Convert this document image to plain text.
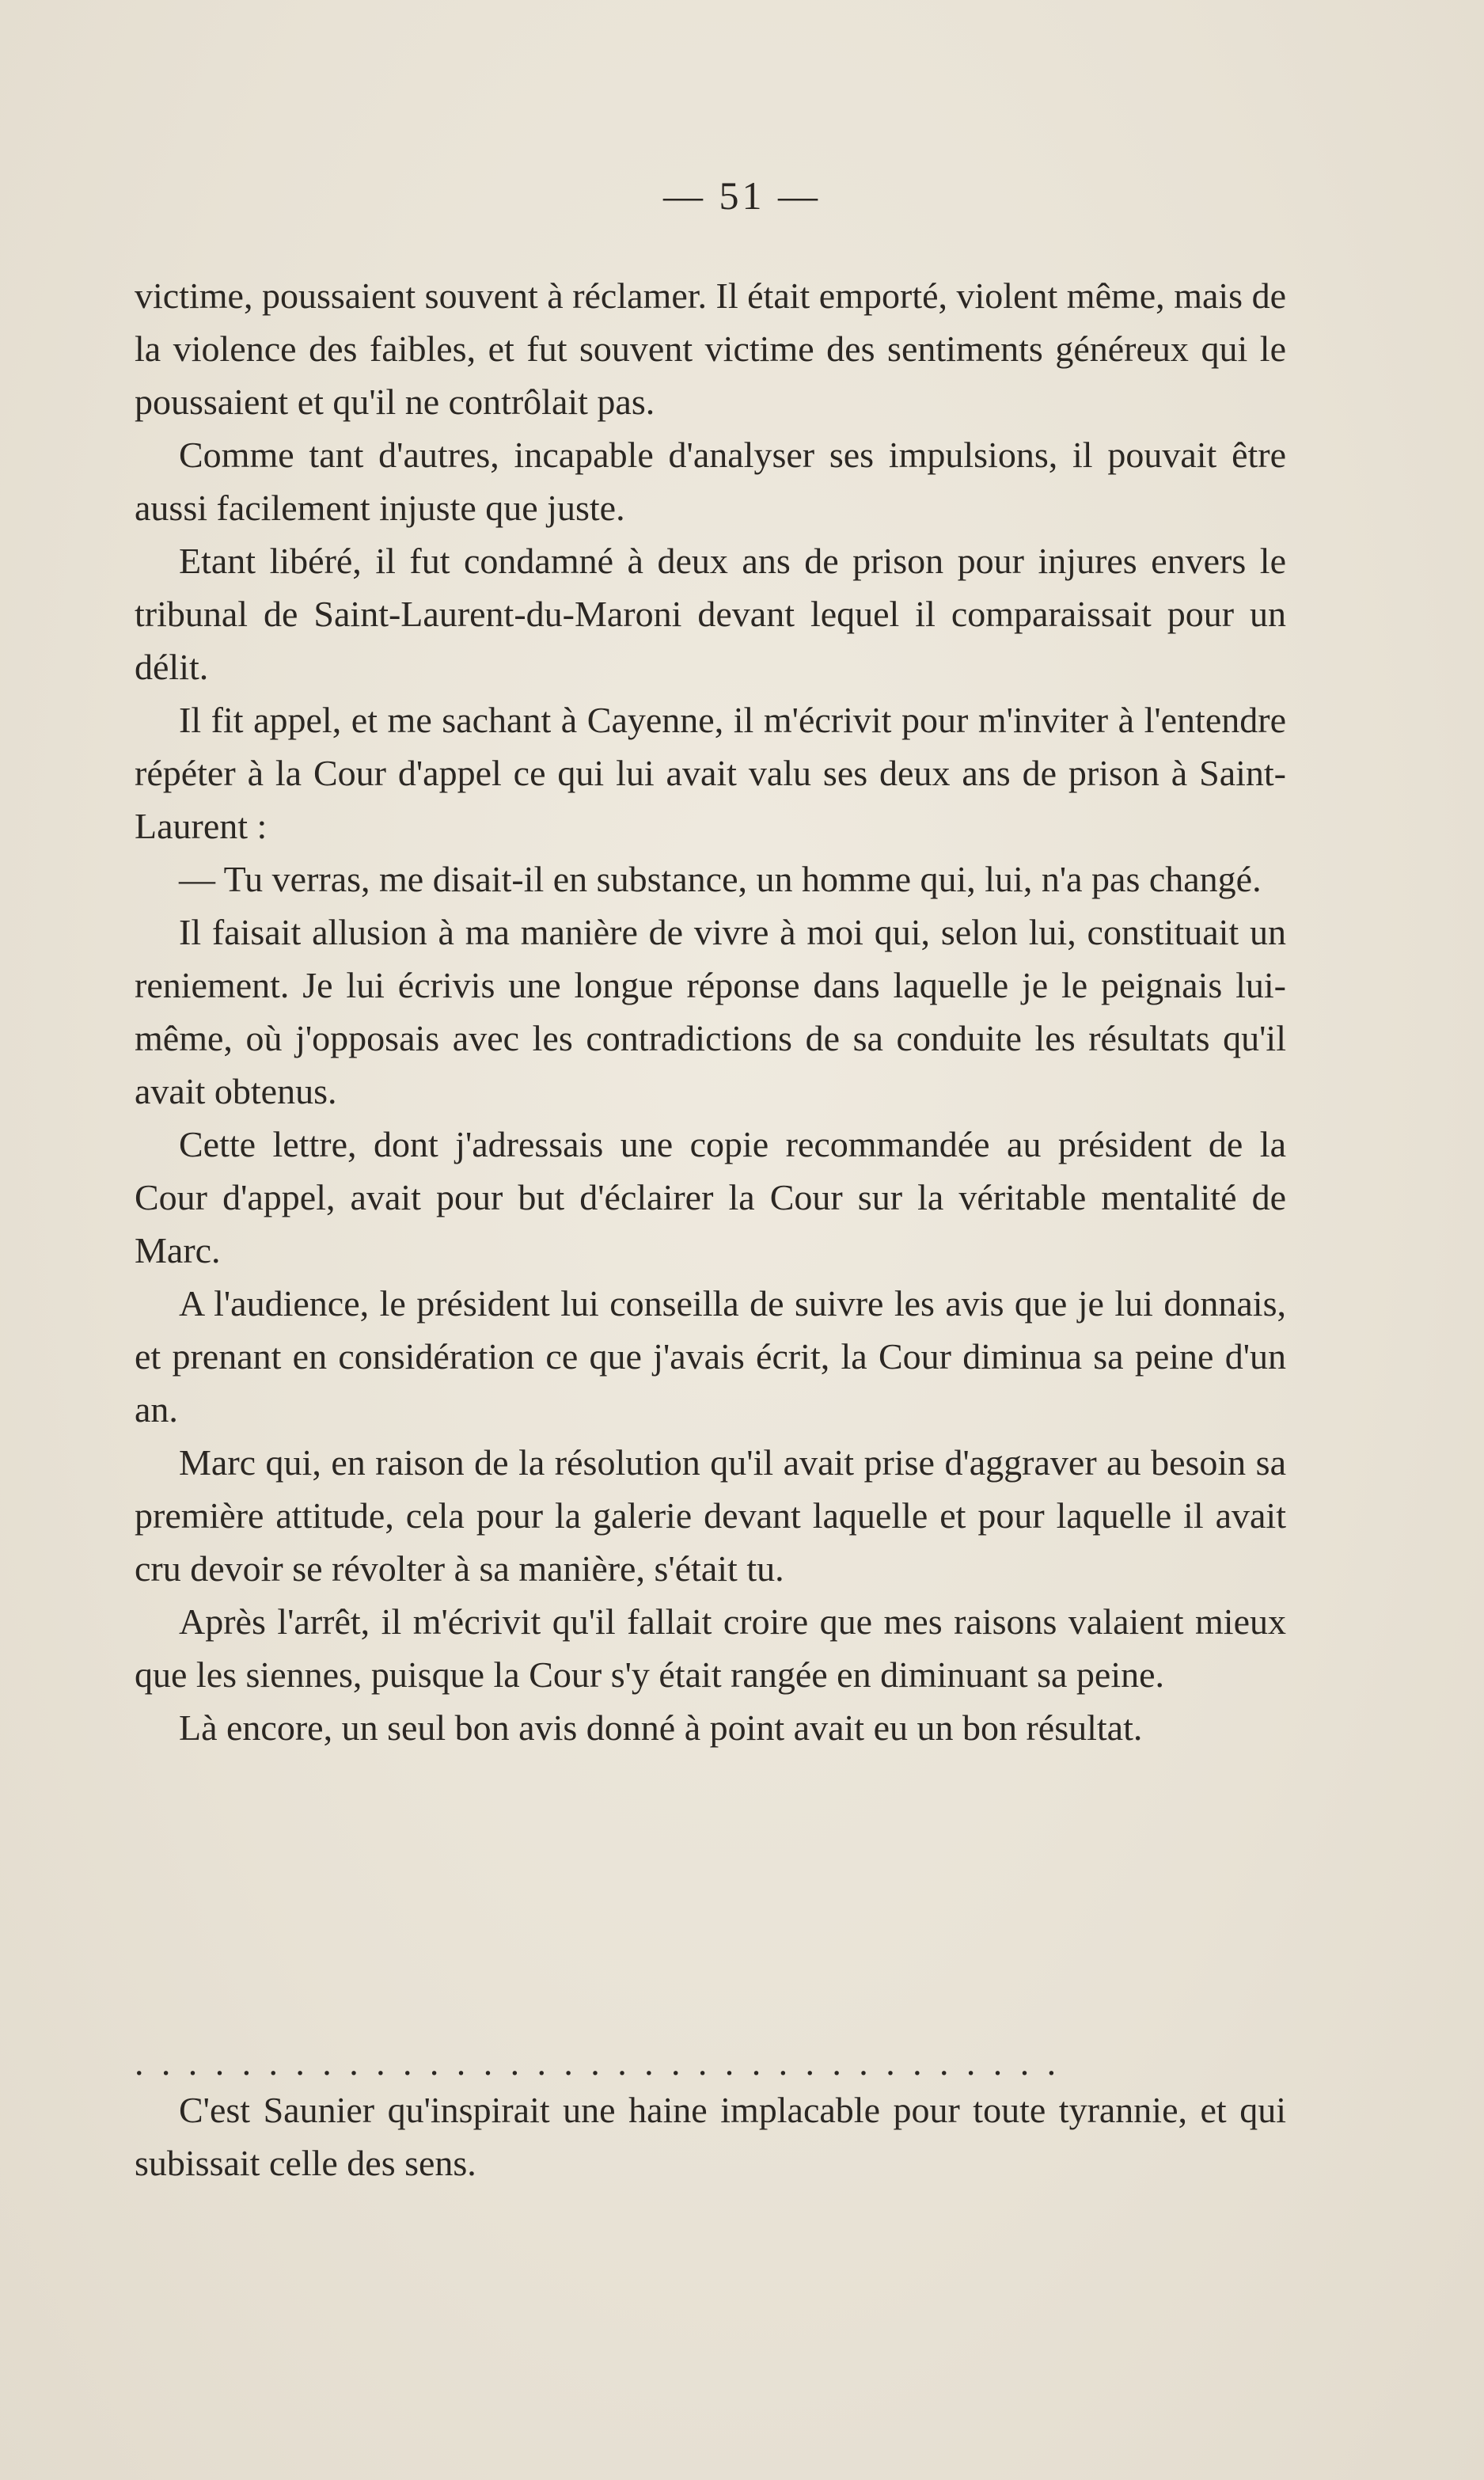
— 51 —

victime, poussaient souvent à réclamer. Il était emporté, violent même, mais de la violence des faibles, et fut souvent victime des sentiments généreux qui le poussaient et qu'il ne contrôlait pas.

Comme tant d'autres, incapable d'analyser ses impulsions, il pouvait être aussi facilement injuste que juste.

Etant libéré, il fut condamné à deux ans de prison pour injures envers le tribunal de Saint-Laurent-du-Maroni devant lequel il comparaissait pour un délit.

Il fit appel, et me sachant à Cayenne, il m'écrivit pour m'inviter à l'entendre répéter à la Cour d'appel ce qui lui avait valu ses deux ans de prison à Saint-Laurent :

— Tu verras, me disait-il en substance, un homme qui, lui, n'a pas changé.

Il faisait allusion à ma manière de vivre à moi qui, selon lui, constituait un reniement. Je lui écrivis une longue réponse dans laquelle je le peignais lui-même, où j'opposais avec les contradictions de sa conduite les résultats qu'il avait obtenus.

Cette lettre, dont j'adressais une copie recommandée au président de la Cour d'appel, avait pour but d'éclairer la Cour sur la véritable mentalité de Marc.

A l'audience, le président lui conseilla de suivre les avis que je lui donnais, et prenant en considération ce que j'avais écrit, la Cour diminua sa peine d'un an.

Marc qui, en raison de la résolution qu'il avait prise d'aggraver au besoin sa première attitude, cela pour la galerie devant laquelle et pour laquelle il avait cru devoir se révolter à sa manière, s'était tu.

Après l'arrêt, il m'écrivit qu'il fallait croire que mes raisons valaient mieux que les siennes, puisque la Cour s'y était rangée en diminuant sa peine.

Là encore, un seul bon avis donné à point avait eu un bon résultat.

...................................

C'est Saunier qu'inspirait une haine implacable pour toute tyrannie, et qui subissait celle des sens.
